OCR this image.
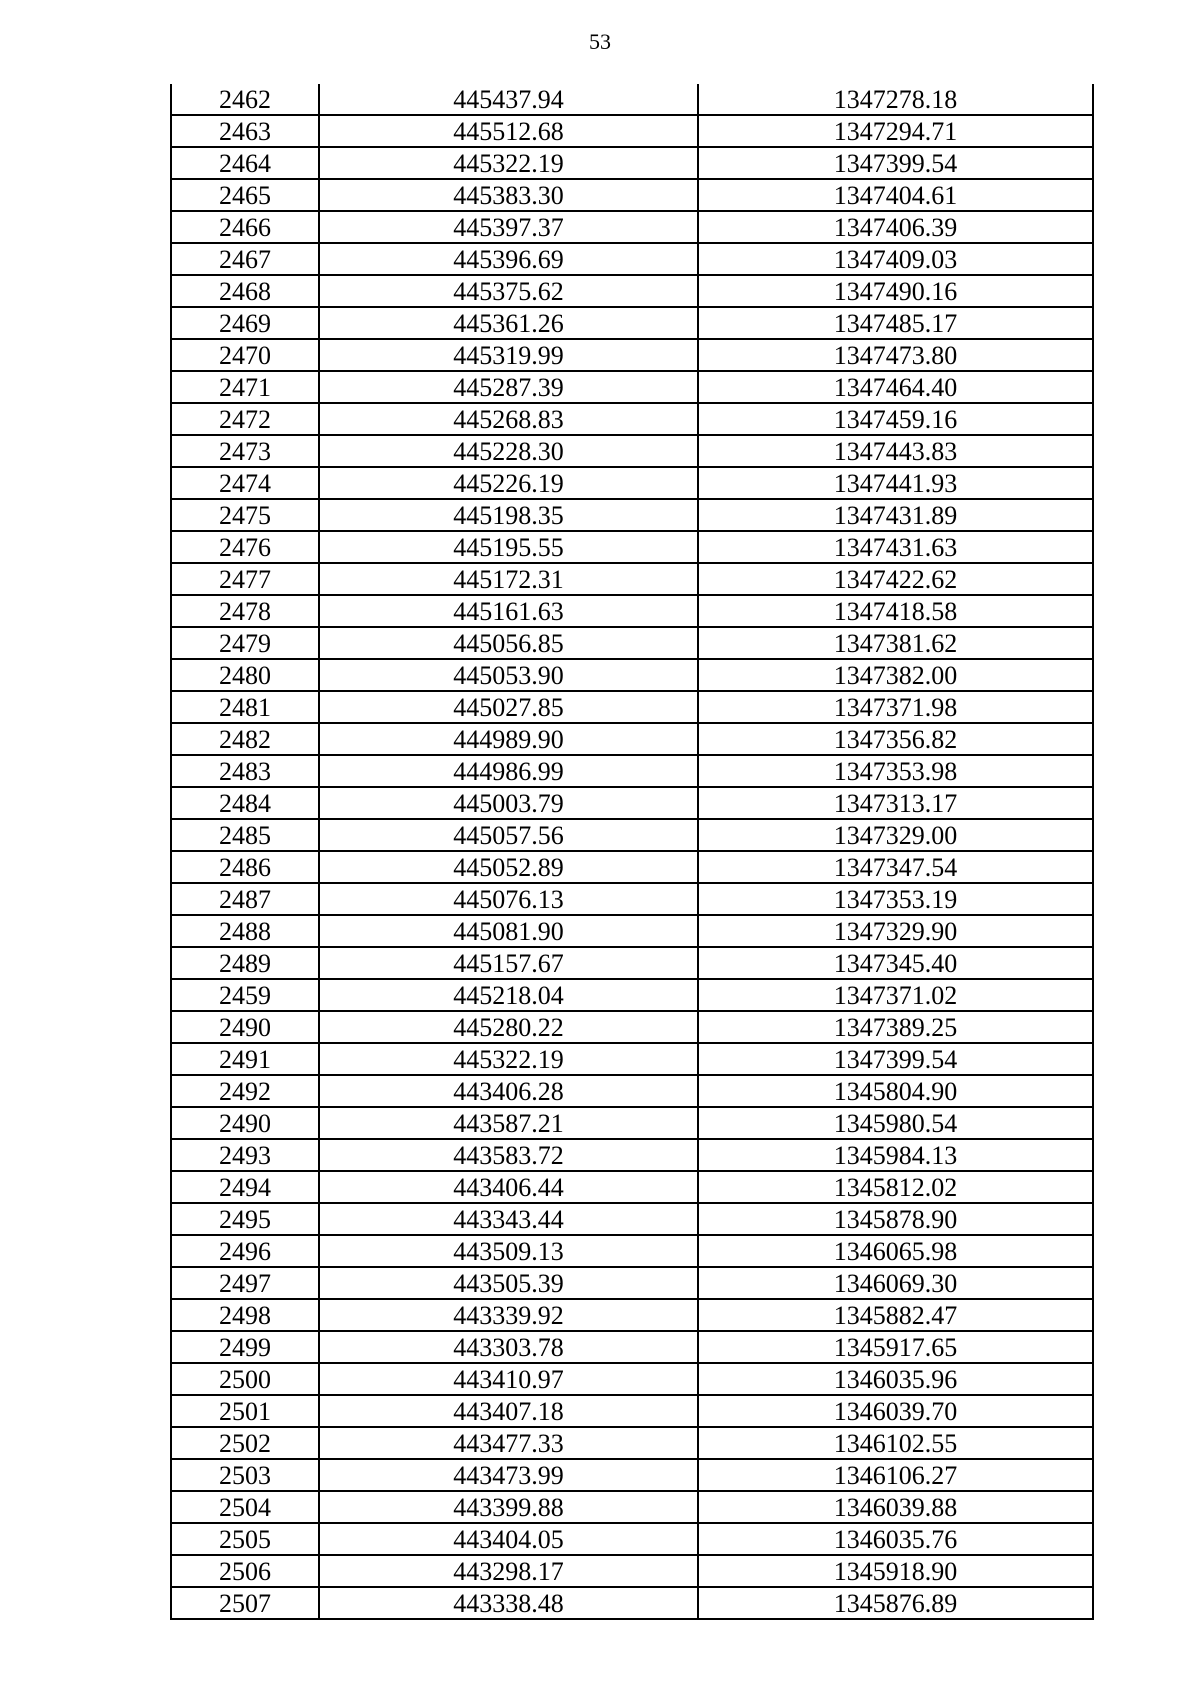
53
2462	445437.94	1347278.18
2463	445512.68	1347294.71
2464	445322.19	1347399.54
2465	445383.30	1347404.61
2466	445397.37	1347406.39
2467	445396.69	1347409.03
2468	445375.62	1347490.16
2469	445361.26	1347485.17
2470	445319.99	1347473.80
2471	445287.39	1347464.40
2472	445268.83	1347459.16
2473	445228.30	1347443.83
2474	445226.19	1347441.93
2475	445198.35	1347431.89
2476	445195.55	1347431.63
2477	445172.31	1347422.62
2478	445161.63	1347418.58
2479	445056.85	1347381.62
2480	445053.90	1347382.00
2481	445027.85	1347371.98
2482	444989.90	1347356.82
2483	444986.99	1347353.98
2484	445003.79	1347313.17
2485	445057.56	1347329.00
2486	445052.89	1347347.54
2487	445076.13	1347353.19
2488	445081.90	1347329.90
2489	445157.67	1347345.40
2459	445218.04	1347371.02
2490	445280.22	1347389.25
2491	445322.19	1347399.54
2492	443406.28	1345804.90
2490	443587.21	1345980.54
2493	443583.72	1345984.13
2494	443406.44	1345812.02
2495	443343.44	1345878.90
2496	443509.13	1346065.98
2497	443505.39	1346069.30
2498	443339.92	1345882.47
2499	443303.78	1345917.65
2500	443410.97	1346035.96
2501	443407.18	1346039.70
2502	443477.33	1346102.55
2503	443473.99	1346106.27
2504	443399.88	1346039.88
2505	443404.05	1346035.76
2506	443298.17	1345918.90
2507	443338.48	1345876.89
